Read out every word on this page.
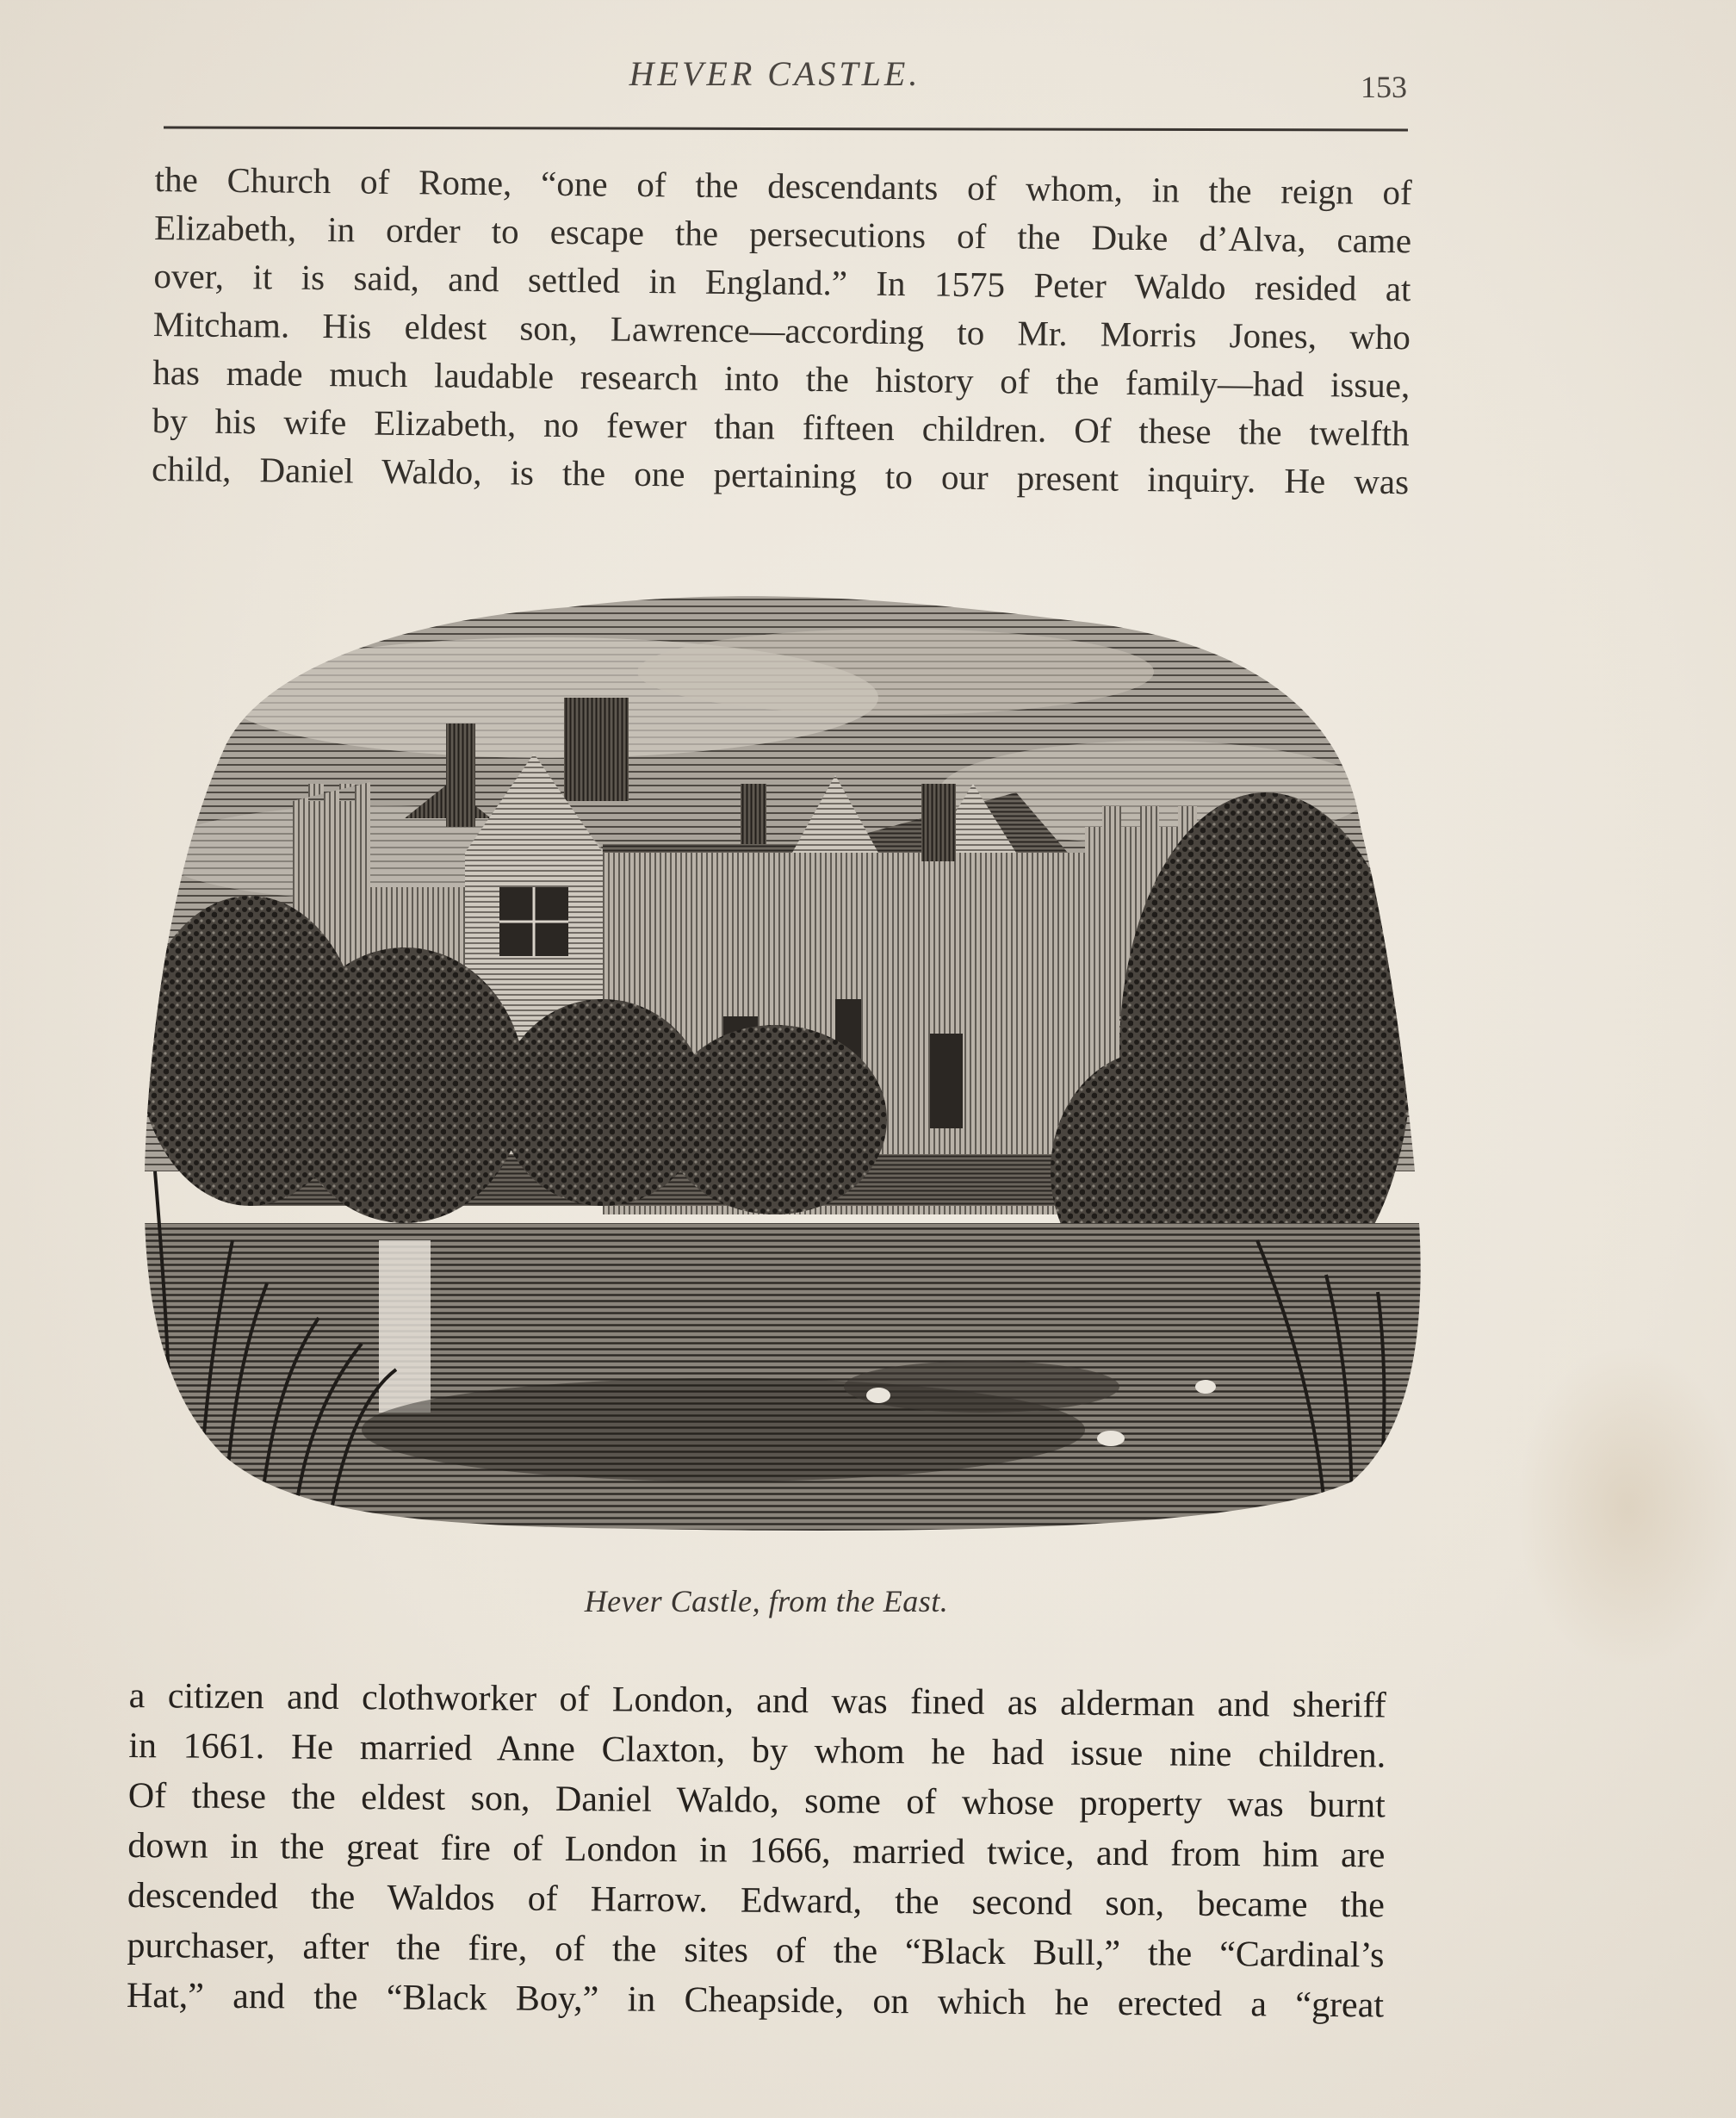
HEVER CASTLE.	153
the Church of Rome, “one of the descendants of whom, in the reign of
Elizabeth, in order to escape the persecutions of the Duke d’Alva, came
over, it is said, and settled in England.” In 1575 Peter Waldo resided at
Mitcham. His eldest son, Lawrence—according to Mr. Morris Jones, who
has made much laudable research into the history of the family—had issue,
by his wife Elizabeth, no fewer than fifteen children. Of these the twelfth
child, Daniel Waldo, is the one pertaining to our present inquiry. He was
Hever Castle, from the East.
a citizen and clothworker of London, and was fined as alderman and sheriff
in 1661. He married Anne Claxton, by whom he had issue nine children.
Of these the eldest son, Daniel Waldo, some of whose property was burnt
down in the great fire of London in 1666, married twice, and from him are
descended the Waldos of Harrow. Edward, the second son, became the
purchaser, after the fire, of the sites of the “Black Bull,” the “Cardinal’s
Hat,” and the “Black Boy,” in Cheapside, on which he erected a “great
